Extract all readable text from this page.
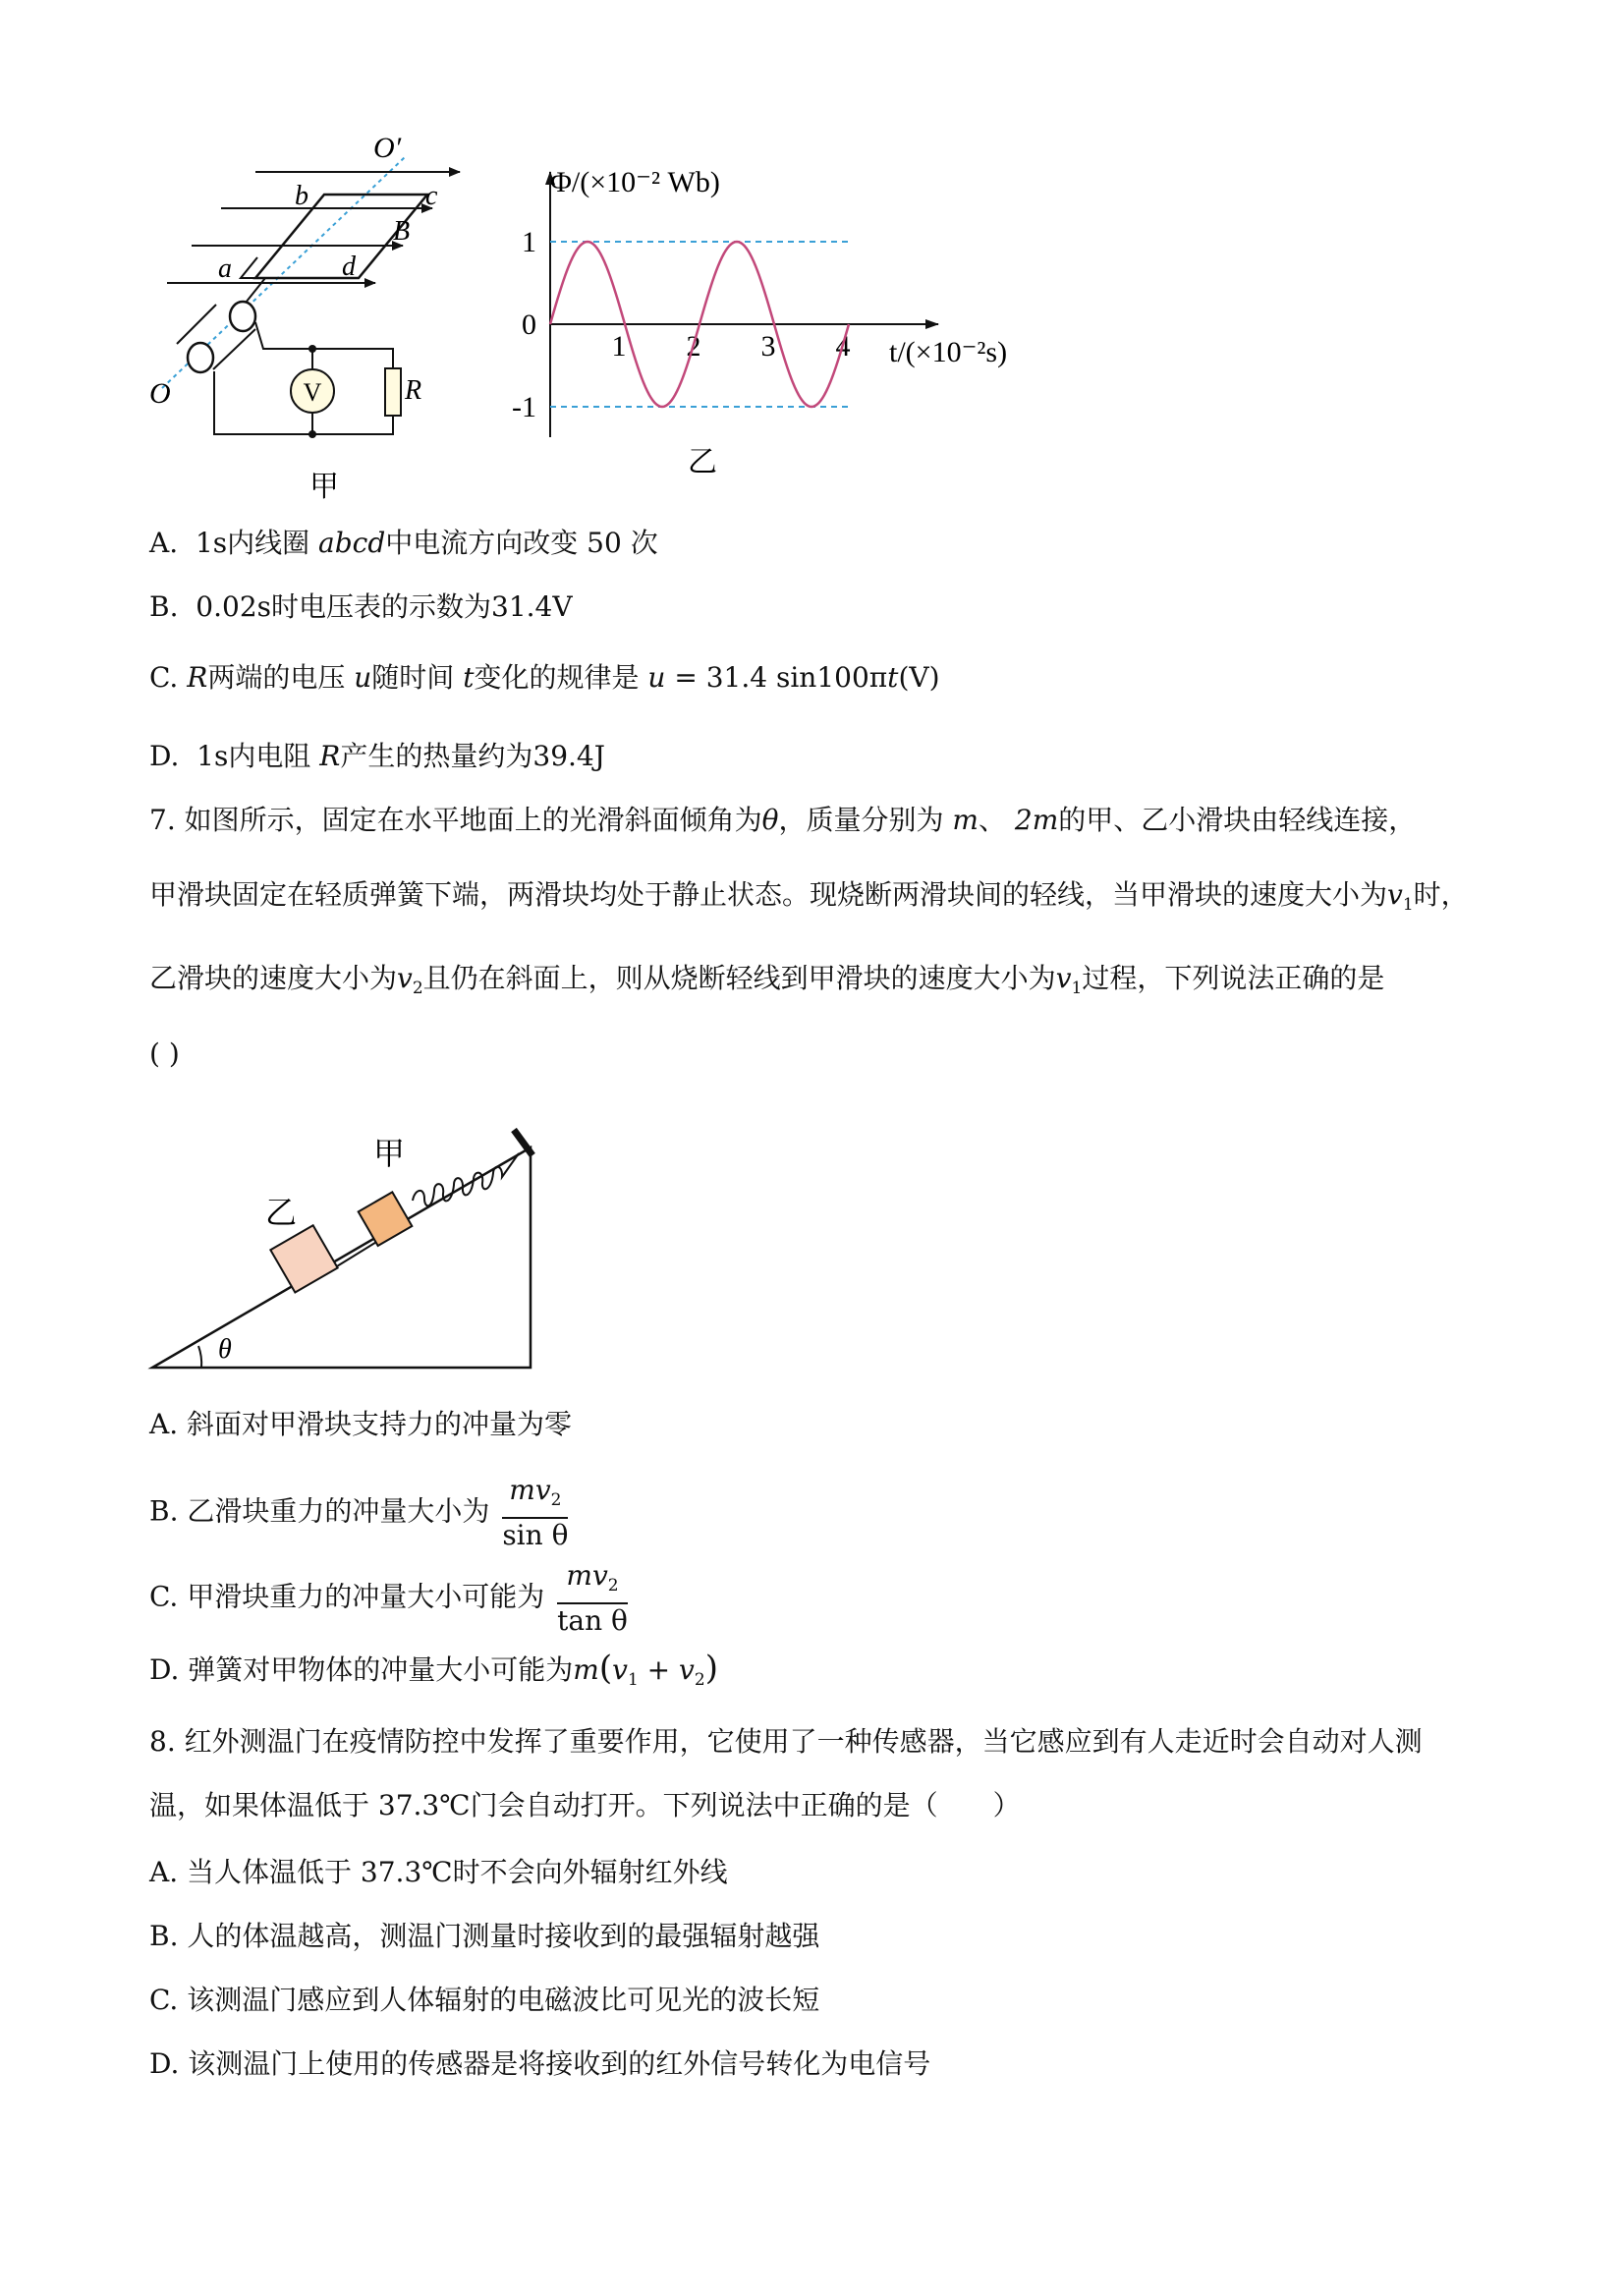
V
O′
O
b	c
a	d
B
R
甲
1
0
-1
1 2 3 4
Φ/(×10⁻² Wb)
t/(×10⁻²s)
乙
A. 1s内线圈 abcd中电流方向改变 50 次
B. 0.02s时电压表的示数为31.4V
C. R两端的电压 u随时间 t变化的规律是 u = 31.4 sin100πt(V)
D. 1s内电阻 R产生的热量约为39.4J
7. 如图所示，固定在水平地面上的光滑斜面倾角为θ，质量分别为 m、 2m的甲、乙小滑块由轻线连接，
甲滑块固定在轻质弹簧下端，两滑块均处于静止状态。现烧断两滑块间的轻线，当甲滑块的速度大小为$v_1$时，
乙滑块的速度大小为$v_2$且仍在斜面上，则从烧断轻线到甲滑块的速度大小为$v_1$过程，下列说法正确的是
( )
甲
乙
θ
A. 斜面对甲滑块支持力的冲量为零
B. 乙滑块重力的冲量大小为 $\frac{mv_2}{\text{sin θ}}$
C. 甲滑块重力的冲量大小可能为 $\frac{mv_2}{\text{tan θ}}$
D. 弹簧对甲物体的冲量大小可能为$m(v_1 + v_2)$
8. 红外测温门在疫情防控中发挥了重要作用，它使用了一种传感器，当它感应到有人走近时会自动对人测
温，如果体温低于 37.3℃门会自动打开。下列说法中正确的是（　　）
A. 当人体温低于 37.3℃时不会向外辐射红外线
B. 人的体温越高，测温门测量时接收到的最强辐射越强
C. 该测温门感应到人体辐射的电磁波比可见光的波长短
D. 该测温门上使用的传感器是将接收到的红外信号转化为电信号
